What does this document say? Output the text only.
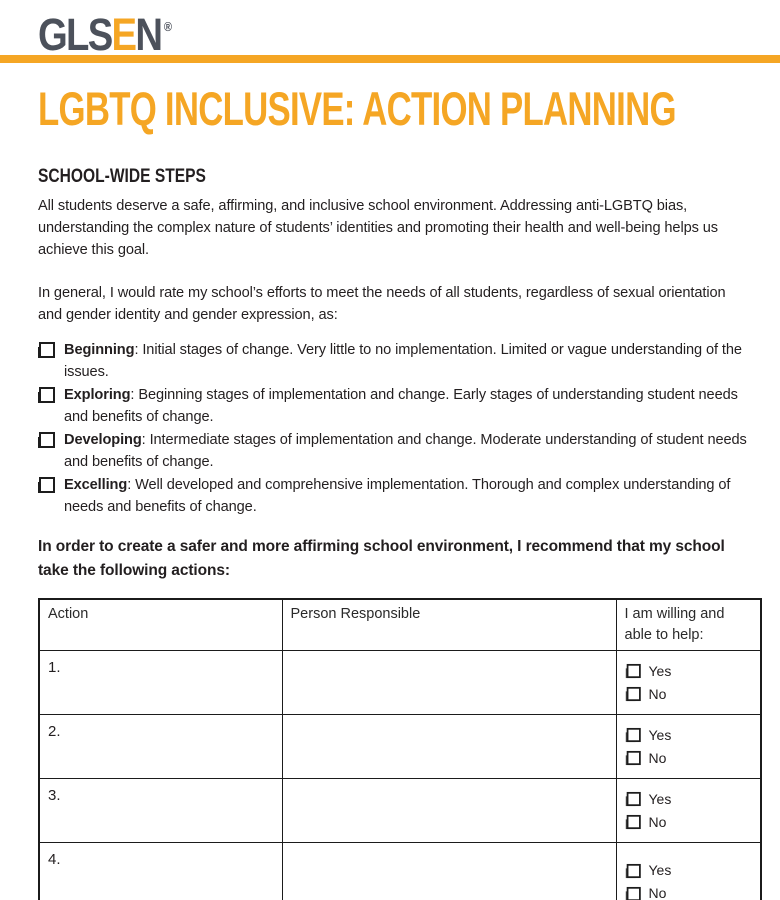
GLSEN ®
LGBTQ INCLUSIVE: ACTION PLANNING
SCHOOL-WIDE STEPS

All students deserve a safe, affirming, and inclusive school environment. Addressing anti-LGBTQ bias, understanding the complex nature of students’ identities and promoting their health and well-being helps us achieve this goal.

In general, I would rate my school’s efforts to meet the needs of all students, regardless of sexual orientation and gender identity and gender expression, as:

Beginning: Initial stages of change. Very little to no implementation. Limited or vague understanding of the issues.
Exploring: Beginning stages of implementation and change. Early stages of understanding student needs and benefits of change.
Developing: Intermediate stages of implementation and change. Moderate understanding of student needs and benefits of change.
Excelling: Well developed and comprehensive implementation. Thorough and complex understanding of needs and benefits of change.

In order to create a safer and more affirming school environment, I recommend that my school take the following actions:

Action	Person Responsible	I am willing and able to help:
1.		Yes
No

2.		Yes
No

3.		Yes
No

4.		Yes
No
